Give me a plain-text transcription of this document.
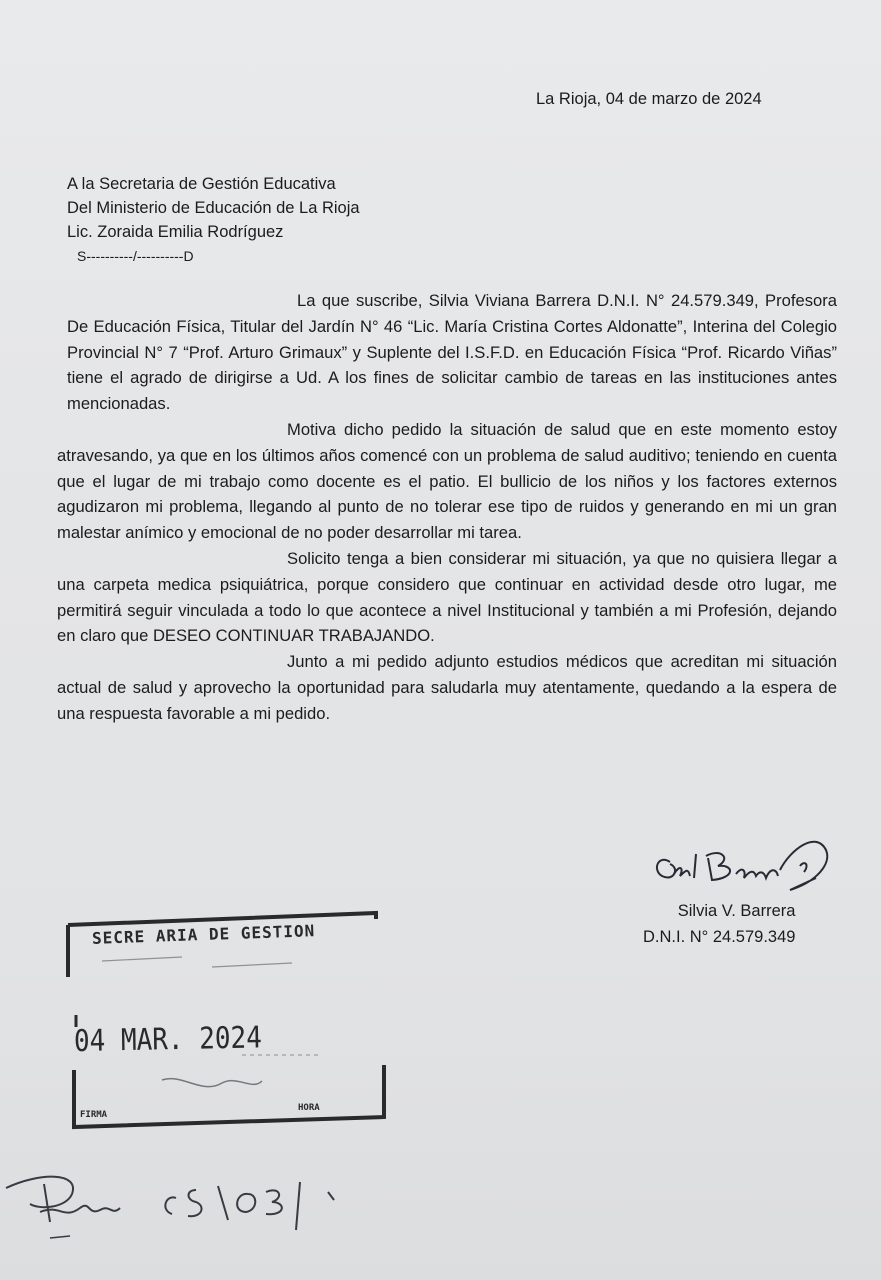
La Rioja, 04 de marzo de 2024
A la Secretaria de Gestión Educativa
Del Ministerio de Educación de La Rioja
Lic. Zoraida Emilia Rodríguez
S----------/----------D

La que suscribe, Silvia Viviana Barrera D.N.I. N° 24.579.349, Profesora De Educación Física, Titular del Jardín N° 46 “Lic. María Cristina Cortes Aldonatte”, Interina del Colegio Provincial N° 7 “Prof. Arturo Grimaux” y Suplente del I.S.F.D. en Educación Física “Prof. Ricardo Viñas” tiene el agrado de dirigirse a Ud. A los fines de solicitar cambio de tareas en las instituciones antes mencionadas.

Motiva dicho pedido la situación de salud que en este momento estoy atravesando, ya que en los últimos años comencé con un problema de salud auditivo; teniendo en cuenta que el lugar de mi trabajo como docente es el patio. El bullicio de los niños y los factores externos agudizaron mi problema, llegando al punto de no tolerar ese tipo de ruidos y generando en mi un gran malestar anímico y emocional de no poder desarrollar mi tarea.

Solicito tenga a bien considerar mi situación, ya que no quisiera llegar a una carpeta medica psiquiátrica, porque considero que continuar en actividad desde otro lugar, me permitirá seguir vinculada a todo lo que acontece a nivel Institucional y también a mi Profesión, dejando en claro que DESEO CONTINUAR TRABAJANDO.

Junto a mi pedido adjunto estudios médicos que acreditan mi situación actual de salud y aprovecho la oportunidad para saludarla muy atentamente, quedando a la espera de una respuesta favorable a mi pedido.

Silvia V. Barrera
D.N.I. N° 24.579.349
SECRE ARIA DE GESTION
04 MAR. 2024
FIRMA
HORA
